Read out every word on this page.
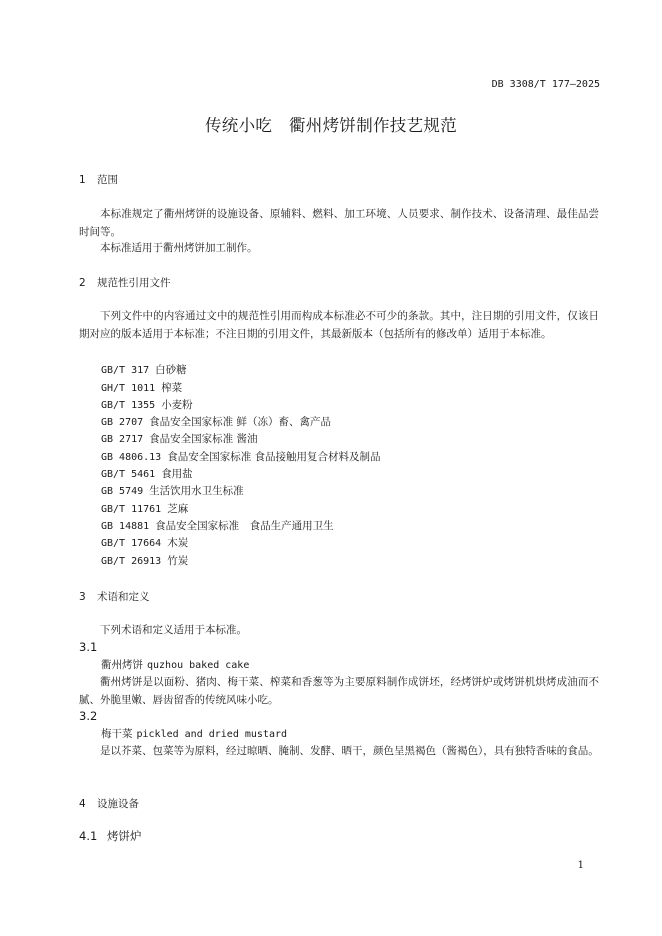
DB 3308/T 177—2025
传统小吃　衢州烤饼制作技艺规范
1 范围
本标准规定了衢州烤饼的设施设备、原辅料、燃料、加工环境、人员要求、制作技术、设备清理、最佳品尝时间等。
本标准适用于衢州烤饼加工制作。
2 规范性引用文件
下列文件中的内容通过文中的规范性引用而构成本标准必不可少的条款。其中，注日期的引用文件，仅该日期对应的版本适用于本标准；不注日期的引用文件，其最新版本（包括所有的修改单）适用于本标准。
GB/T 317 白砂糖
GH/T 1011 榨菜
GB/T 1355 小麦粉
GB 2707 食品安全国家标准 鲜（冻）畜、禽产品
GB 2717 食品安全国家标准 酱油
GB 4806.13 食品安全国家标准 食品接触用复合材料及制品
GB/T 5461 食用盐
GB 5749 生活饮用水卫生标准
GB/T 11761 芝麻
GB 14881 食品安全国家标准　食品生产通用卫生
GB/T 17664 木炭
GB/T 26913 竹炭
3 术语和定义
下列术语和定义适用于本标准。
3.1
衢州烤饼 quzhou baked cake
衢州烤饼是以面粉、猪肉、梅干菜、榨菜和香葱等为主要原料制作成饼坯，经烤饼炉或烤饼机烘烤成油而不腻、外脆里嫩、唇齿留香的传统风味小吃。
3.2
梅干菜 pickled and dried mustard
是以芥菜、包菜等为原料，经过晾晒、腌制、发酵、晒干，颜色呈黑褐色（酱褐色），具有独特香味的食品。
4 设施设备
4.1 烤饼炉
1
